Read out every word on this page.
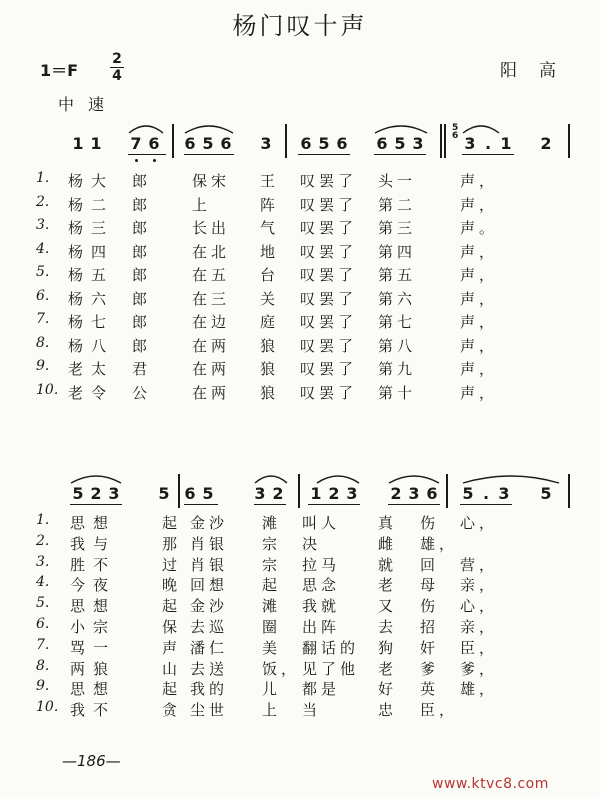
杨门叹十声
1＝F
2
4	阳高
中速
1 1 7 6 6 5 6 3 6 5 6 6 5 3	3 . 1 2
5 6
1. 杨大 郎	保宋 王 叹罢了 头一	声，
2. 杨二 郎	上	阵 叹罢了 第二	声，
3. 杨三 郎	长出 气 叹罢了 第三	声。
4. 杨四 郎	在北 地 叹罢了 第四	声，
5. 杨五 郎	在五 台 叹罢了 第五	声，
6. 杨六 郎	在三 关 叹罢了 第六	声，
7. 杨七 郎	在边 庭 叹罢了 第七	声，
8. 杨八 郎	在两 狼 叹罢了 第八	声，
9. 老太 君	在两 狼 叹罢了 第九	声，
10. 老令 公	在两 狼 叹罢了 第十	声，
5 2 3 5 6 5	3 2 1 2 3 2 3 6 5 . 3 5
1. 思想	起 金沙 滩 叫人	真 伤 心，
2. 我与	那 肖银 宗 决	雌 雄，
3. 胜不	过 肖银 宗 拉马	就 回 营，
4. 今夜	晚 回想 起 思念	老 母 亲，
5. 思想	起 金沙 滩 我就	又 伤 心，
6. 小宗	保 去巡 圈 出阵	去 招 亲，
7. 骂一	声 潘仁 美 翻话的 狗 奸 臣，
8. 两狼	山 去送 饭， 见了他 老 爹 爹，
9. 思想	起 我的 儿 都是	好 英 雄，
10. 我不	贪 尘世 上 当	忠 臣，
—186—
www.ktvc8.com
